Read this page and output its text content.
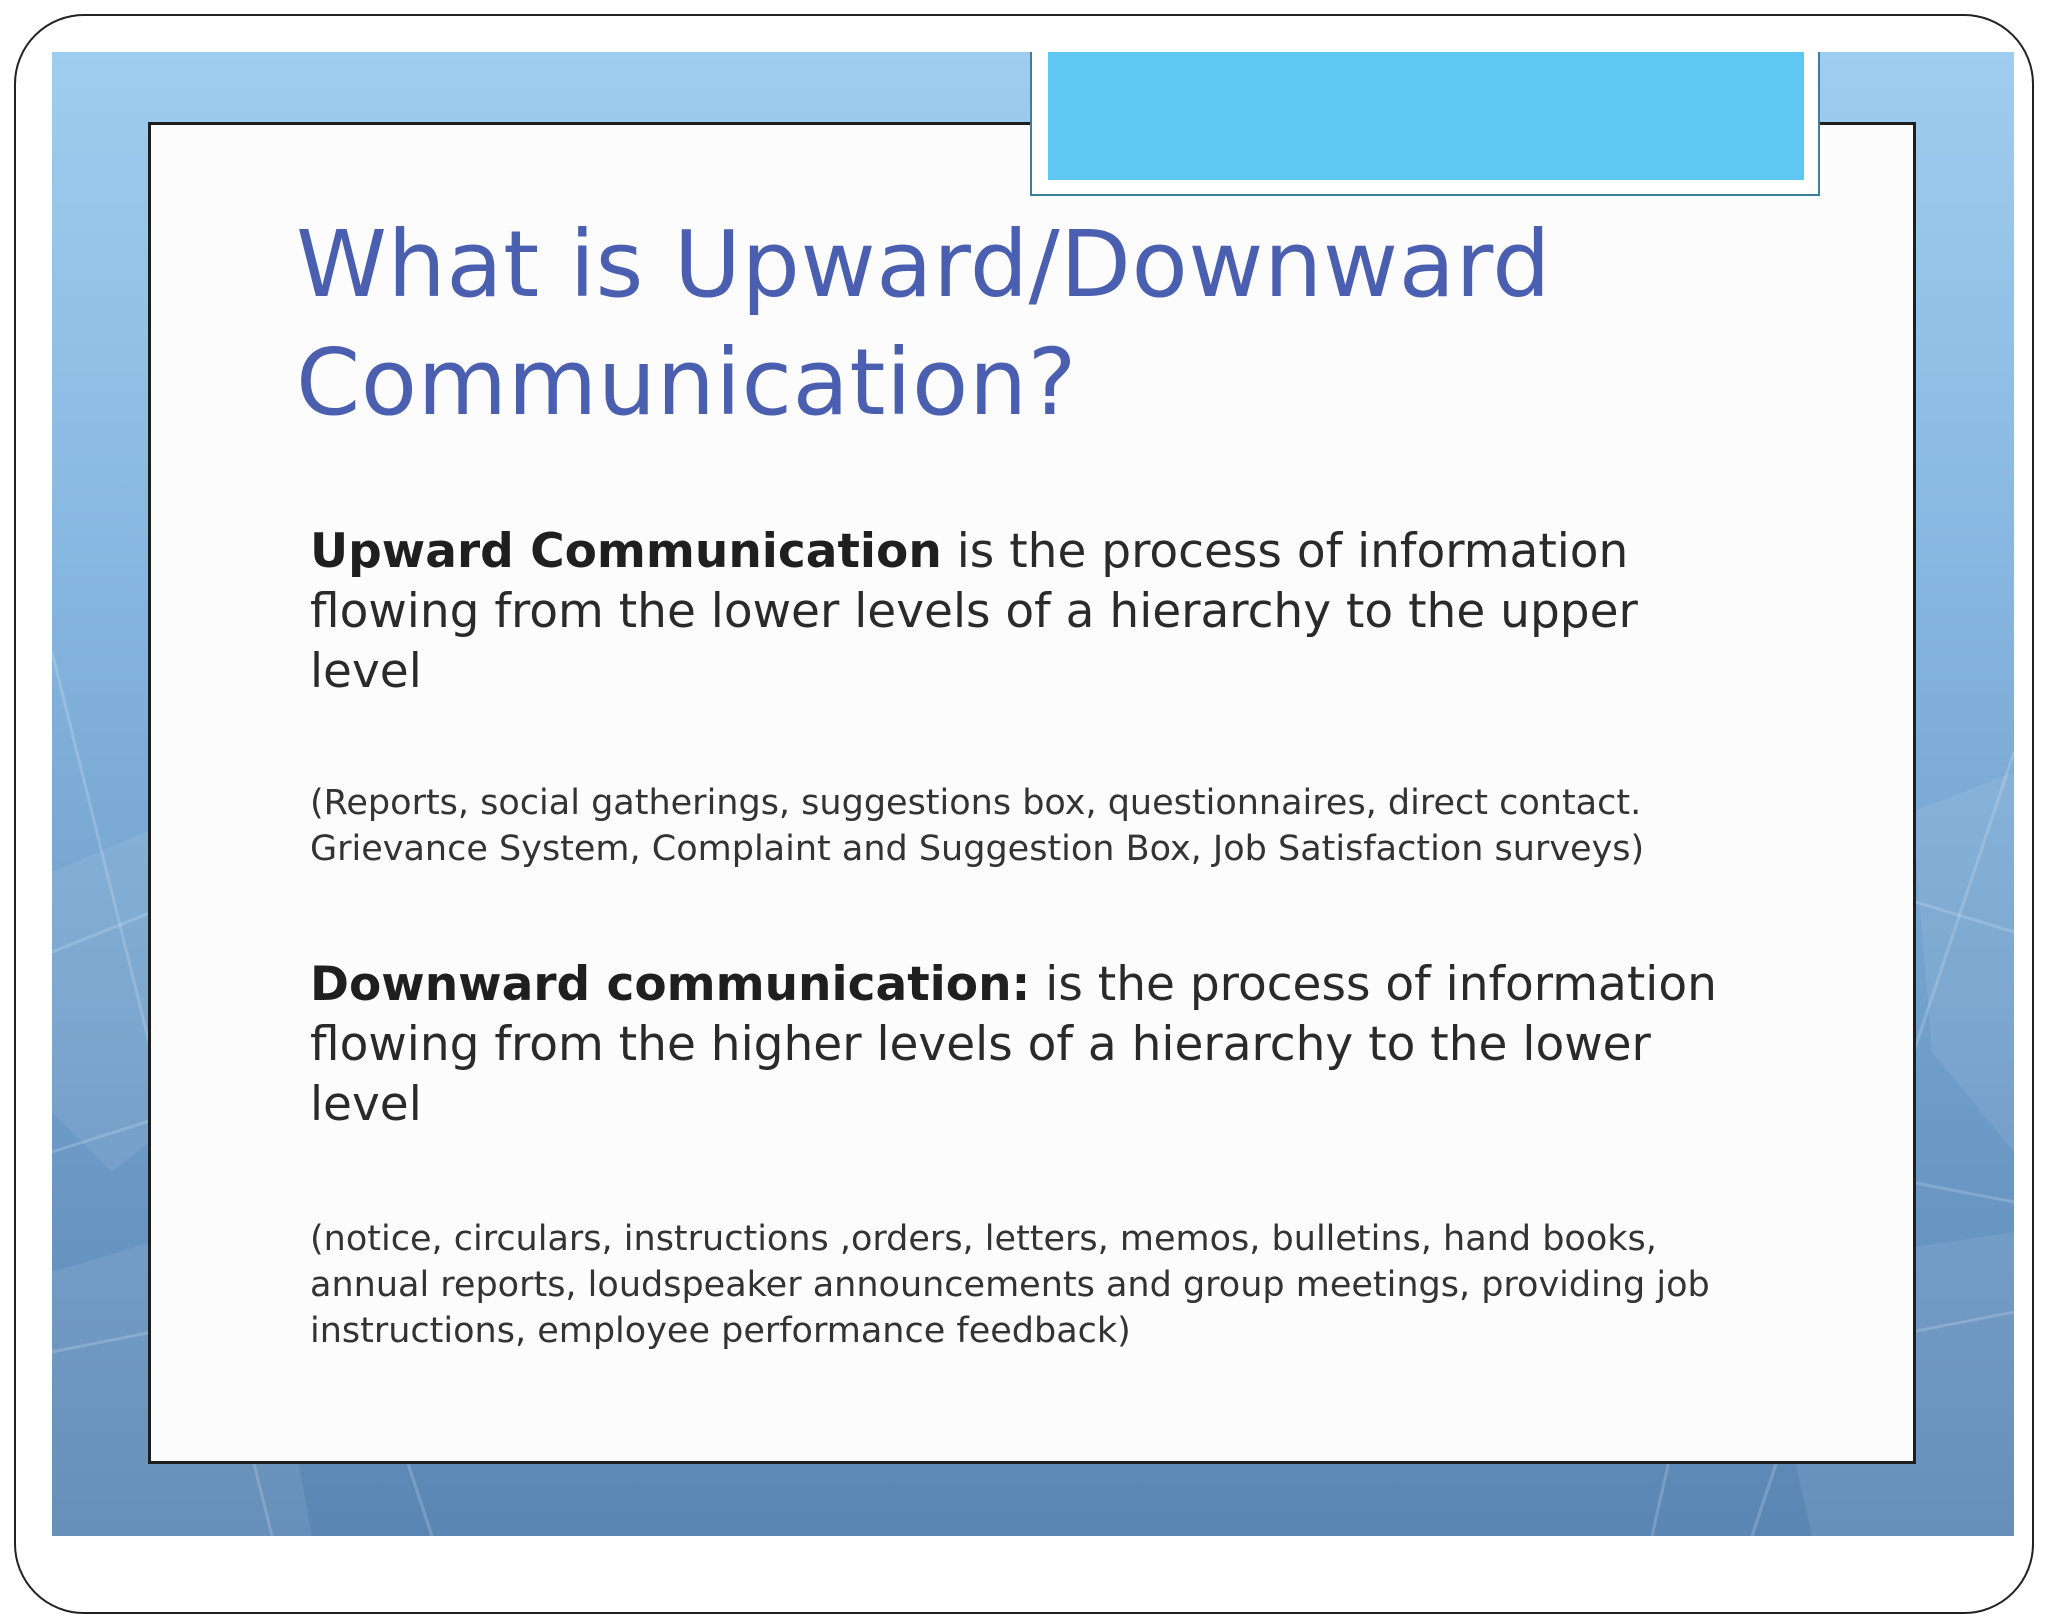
What is Upward/Downward Communication?

Upward Communication is the process of information flowing from the lower levels of a hierarchy to the upper level

(Reports, social gatherings, suggestions box, questionnaires, direct contact. Grievance System, Complaint and Suggestion Box, Job Satisfaction surveys)

Downward communication: is the process of information flowing from the higher levels of a hierarchy to the lower level

(notice, circulars, instructions ,orders, letters, memos, bulletins, hand books, annual reports, loudspeaker announcements and group meetings, providing job instructions, employee performance feedback)
